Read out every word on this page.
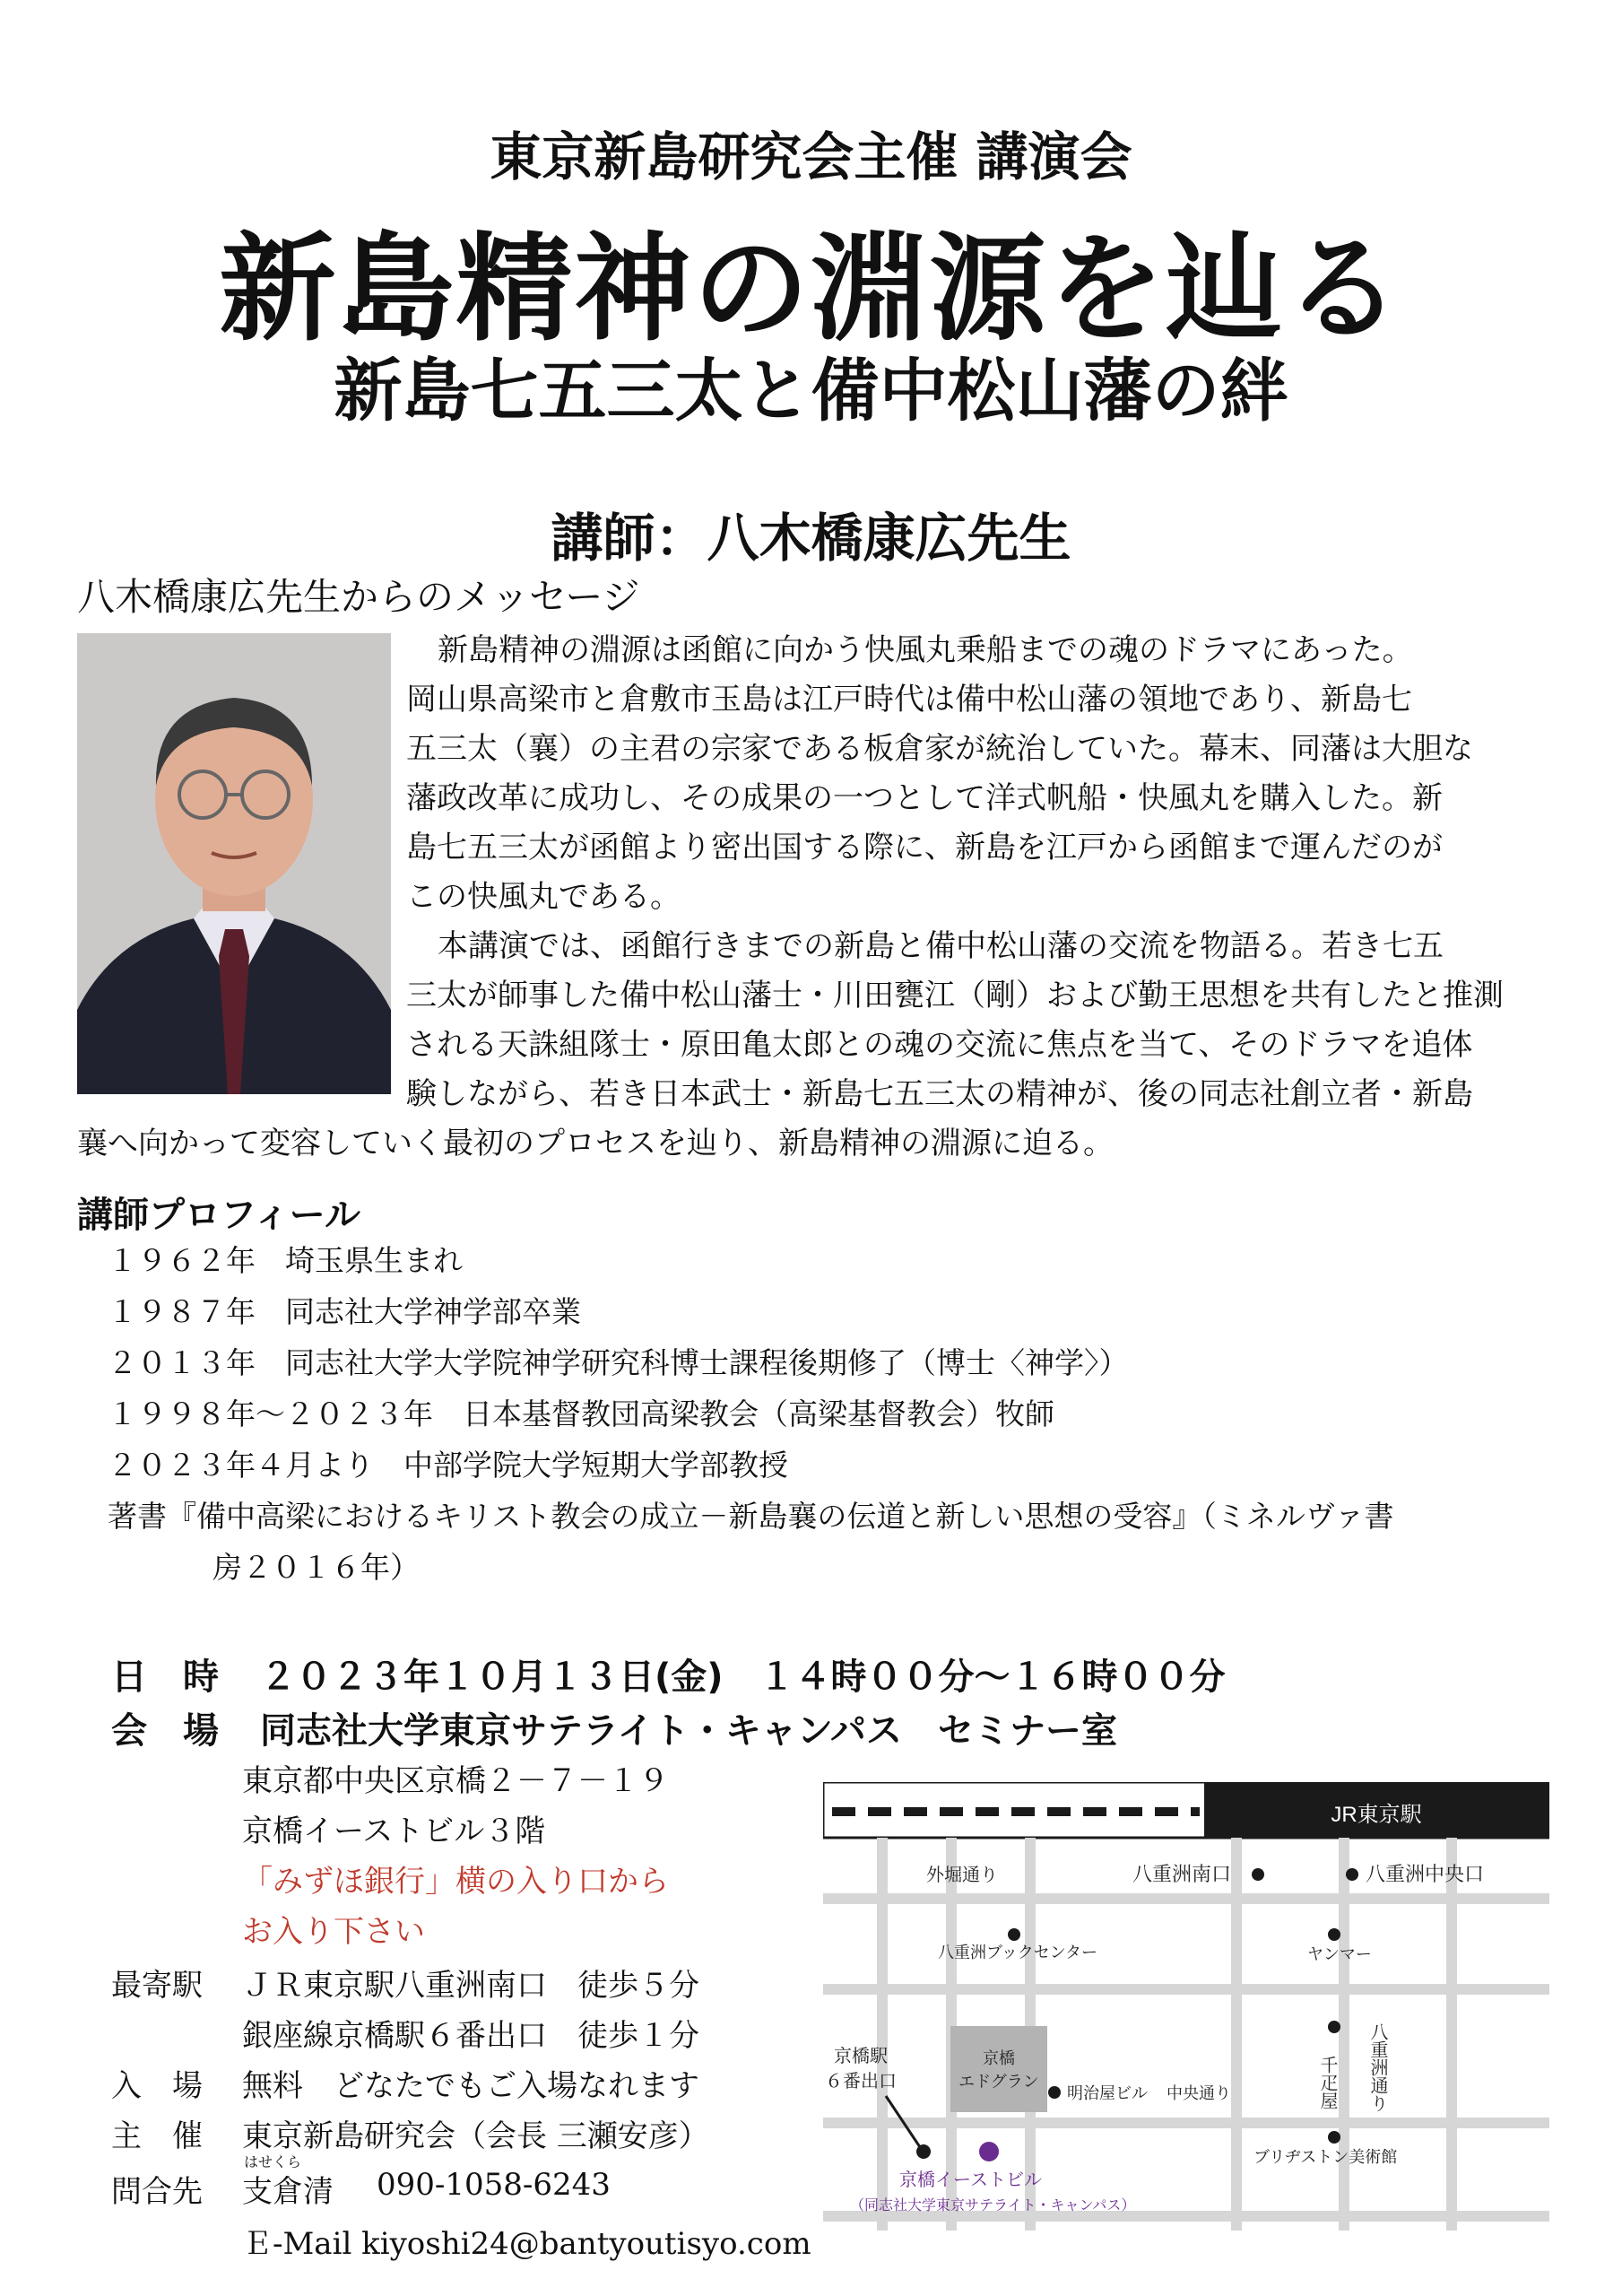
東京新島研究会主催 講演会
新島精神の淵源を辿る
新島七五三太と備中松山藩の絆
講師：八木橋康広先生
八木橋康広先生からのメッセージ
新島精神の淵源は函館に向かう快風丸乗船までの魂のドラマにあった。
岡山県高梁市と倉敷市玉島は江戸時代は備中松山藩の領地であり、新島七
五三太（襄）の主君の宗家である板倉家が統治していた。幕末、同藩は大胆な
藩政改革に成功し、その成果の一つとして洋式帆船・快風丸を購入した。新
島七五三太が函館より密出国する際に、新島を江戸から函館まで運んだのが
この快風丸である。
本講演では、函館行きまでの新島と備中松山藩の交流を物語る。若き七五
三太が師事した備中松山藩士・川田甕江（剛）および勤王思想を共有したと推測
される天誅組隊士・原田亀太郎との魂の交流に焦点を当て、そのドラマを追体
験しながら、若き日本武士・新島七五三太の精神が、後の同志社創立者・新島
襄へ向かって変容していく最初のプロセスを辿り、新島精神の淵源に迫る。
講師プロフィール
１９６２年　埼玉県生まれ
１９８７年　同志社大学神学部卒業
２０１３年　同志社大学大学院神学研究科博士課程後期修了（博士〈神学〉）
１９９８年～２０２３年　日本基督教団高梁教会（高梁基督教会）牧師
２０２３年４月より　中部学院大学短期大学部教授
著書『備中高梁におけるキリスト教会の成立－新島襄の伝道と新しい思想の受容』（ミネルヴァ書
房２０１６年）
日　時 ２０２３年１０月１３日(金)　１４時００分～１６時００分
会　場 同志社大学東京サテライト・キャンパス　セミナー室
東京都中央区京橋２－７－１９
京橋イーストビル３階
「みずほ銀行」横の入り口から
お入り下さい
最寄駅 ＪＲ東京駅八重洲南口　徒歩５分
銀座線京橋駅６番出口　徒歩１分
入　場 無料　どなたでもご入場なれます
主　催 東京新島研究会（会長 三瀬安彦）
はせくら
問合先 支倉清 090-1058-6243
Ｅ-Mail kiyoshi24@bantyoutisyo.com
JR東京駅
京橋
エドグラン
外堀通り	八重洲南口	八重洲中央口
八重洲ブックセンター	ヤンマー
京橋駅
６番出口
明治屋ビル 中央通り	千疋屋 八重洲通り
ブリヂストン美術館
京橋イーストビル
（同志社大学東京サテライト・キャンパス）
